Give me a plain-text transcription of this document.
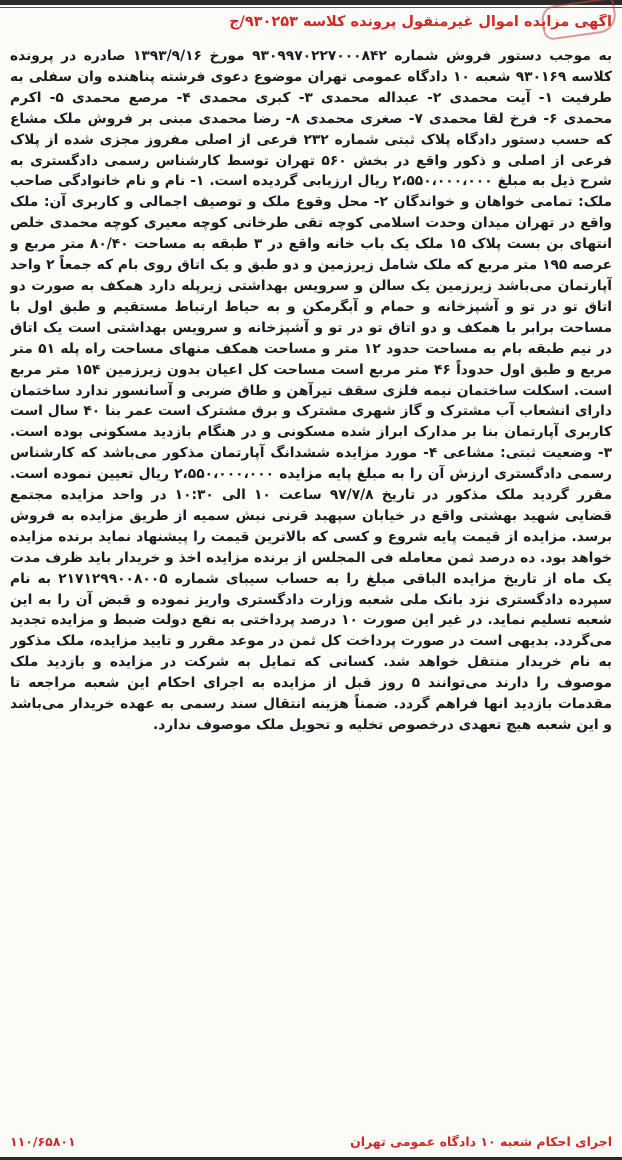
آگهی مزایده اموال غیرمنقول پرونده کلاسه ۹۳۰۲۵۳/ج
به موجب دستور فروش شماره ۹۳۰۹۹۷۰۲۲۷۰۰۰۸۴۲ مورخ ۱۳۹۳/۹/۱۶ صادره در پرونده کلاسه ۹۳۰۱۶۹ شعبه ۱۰ دادگاه عمومی تهران موضوع دعوی فرشته پناهنده وان سفلی به طرفیت ۱- آیت محمدی ۲- عبداله محمدی ۳- کبری محمدی ۴- مرصع محمدی ۵- اکرم محمدی ۶- فرخ لقا محمدی ۷- صغری محمدی ۸- رضا محمدی مبنی بر فروش ملک مشاع که حسب دستور دادگاه پلاک ثبتی شماره ۲۳۲ فرعی از اصلی مفروز مجزی شده از پلاک فرعی از اصلی و ذکور واقع در بخش ۵۶۰ تهران توسط کارشناس رسمی دادگستری به شرح ذیل به مبلغ ۲،۵۵۰،۰۰۰،۰۰۰ ریال ارزیابی گردیده است. ۱- نام و نام خانوادگی صاحب ملک: تمامی خواهان و خواندگان ۲- محل وقوع ملک و توصیف اجمالی و کاربری آن: ملک واقع در تهران میدان وحدت اسلامی کوچه تقی طرخانی کوچه معیری کوچه محمدی خلص انتهای بن بست پلاک ۱۵ ملک یک باب خانه واقع در ۳ طبقه به مساحت ۸۰/۴۰ متر مربع و عرصه ۱۹۵ متر مربع که ملک شامل زیرزمین و دو طبق و یک اتاق روی بام که جمعاً ۲ واحد آپارتمان می‌باشد زیرزمین یک سالن و سرویس بهداشتی زیرپله دارد همکف به صورت دو اتاق تو در تو و آشپزخانه و حمام و آبگرمکن و به حیاط ارتباط مستقیم و طبق اول با مساحت برابر با همکف و دو اتاق تو در تو و آشپزخانه و سرویس بهداشتی است یک اتاق در نیم طبقه بام به مساحت حدود ۱۲ متر و مساحت همکف منهای مساحت راه پله ۵۱ متر مربع و طبق اول حدوداً ۴۶ متر مربع است مساحت کل اعیان بدون زیرزمین ۱۵۴ متر مربع است. اسکلت ساختمان نیمه فلزی سقف تیرآهن و طاق ضربی و آسانسور ندارد ساختمان دارای انشعاب آب مشترک و گاز شهری مشترک و برق مشترک است عمر بنا ۴۰ سال است کاربری آپارتمان بنا بر مدارک ابراز شده مسکونی و در هنگام بازدید مسکونی بوده است. ۳- وضعیت ثبتی: مشاعی ۴- مورد مزایده ششدانگ آپارتمان مذکور می‌باشد که کارشناس رسمی دادگستری ارزش آن را به مبلغ پایه مزایده ۲،۵۵۰،۰۰۰،۰۰۰ ریال تعیین نموده است. مقرر گردید ملک مذکور در تاریخ ۹۷/۷/۸ ساعت ۱۰ الی ۱۰:۳۰ در واحد مزایده مجتمع قضایی شهید بهشتی واقع در خیابان سپهبد قرنی نبش سمیه از طریق مزایده به فروش برسد. مزایده از قیمت پایه شروع و کسی که بالاترین قیمت را پیشنهاد نماید برنده مزایده خواهد بود. ده درصد ثمن معامله فی المجلس از برنده مزایده اخذ و خریدار باید ظرف مدت یک ماه از تاریخ مزایده الباقی مبلغ را به حساب سیبای شماره ۲۱۷۱۲۹۹۰۰۸۰۰۵ به نام سپرده دادگستری نزد بانک ملی شعبه وزارت دادگستری واریز نموده و قبض آن را به این شعبه تسلیم نماید. در غیر این صورت ۱۰ درصد پرداختی به نفع دولت ضبط و مزایده تجدید می‌گردد. بدیهی است در صورت پرداخت کل ثمن در موعد مقرر و تایید مزایده، ملک مذکور به نام خریدار منتقل خواهد شد. کسانی که تمایل به شرکت در مزایده و بازدید ملک موصوف را دارند می‌توانند ۵ روز قبل از مزایده به اجرای احکام این شعبه مراجعه تا مقدمات بازدید انها فراهم گردد. ضمناً هزینه انتقال سند رسمی به عهده خریدار می‌باشد و این شعبه هیچ تعهدی درخصوص تخلیه و تحویل ملک موصوف ندارد.
اجرای احکام شعبه ۱۰ دادگاه عمومی تهران
۱۱۰/۶۵۸۰۱
